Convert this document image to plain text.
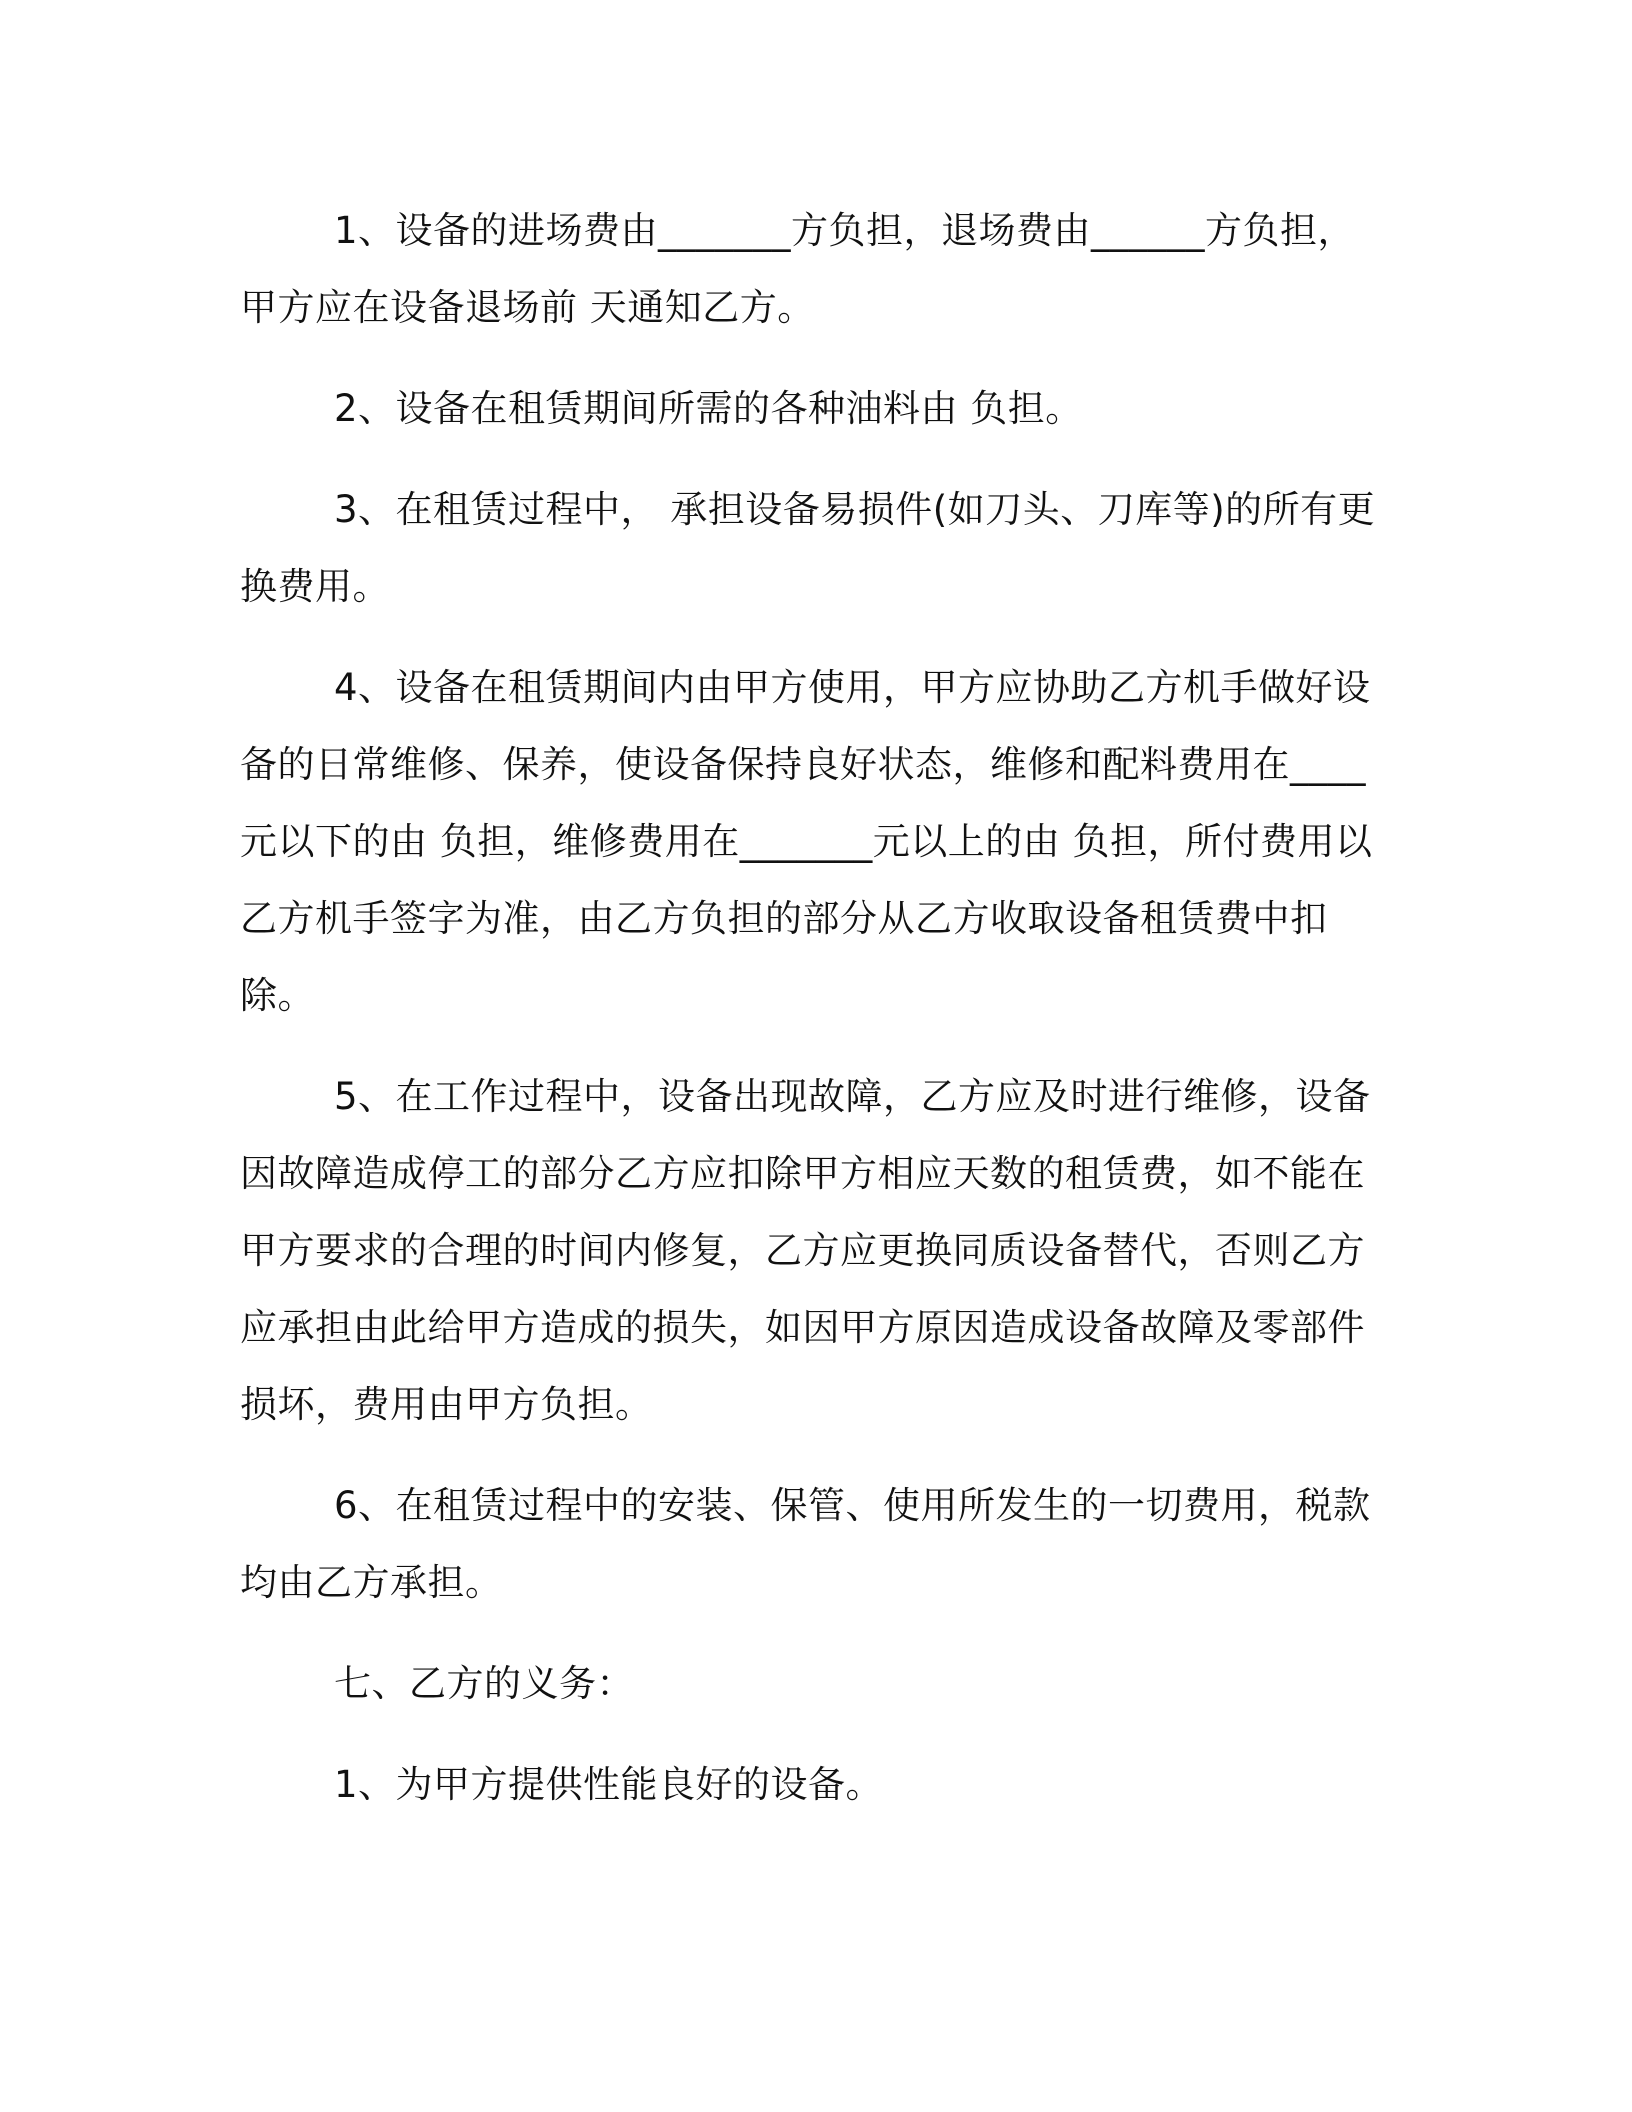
1、设备的进场费由_______方负担，退场费由______方负担，甲方应在设备退场前 天通知乙方。

2、设备在租赁期间所需的各种油料由 负担。

3、在租赁过程中， 承担设备易损件(如刀头、刀库等)的所有更换费用。

4、设备在租赁期间内由甲方使用，甲方应协助乙方机手做好设备的日常维修、保养，使设备保持良好状态，维修和配料费用在____元以下的由 负担，维修费用在_______元以上的由 负担，所付费用以乙方机手签字为准，由乙方负担的部分从乙方收取设备租赁费中扣除。

5、在工作过程中，设备出现故障，乙方应及时进行维修，设备因故障造成停工的部分乙方应扣除甲方相应天数的租赁费，如不能在甲方要求的合理的时间内修复，乙方应更换同质设备替代，否则乙方应承担由此给甲方造成的损失，如因甲方原因造成设备故障及零部件损坏，费用由甲方负担。

6、在租赁过程中的安装、保管、使用所发生的一切费用，税款均由乙方承担。

七、乙方的义务：

1、为甲方提供性能良好的设备。
